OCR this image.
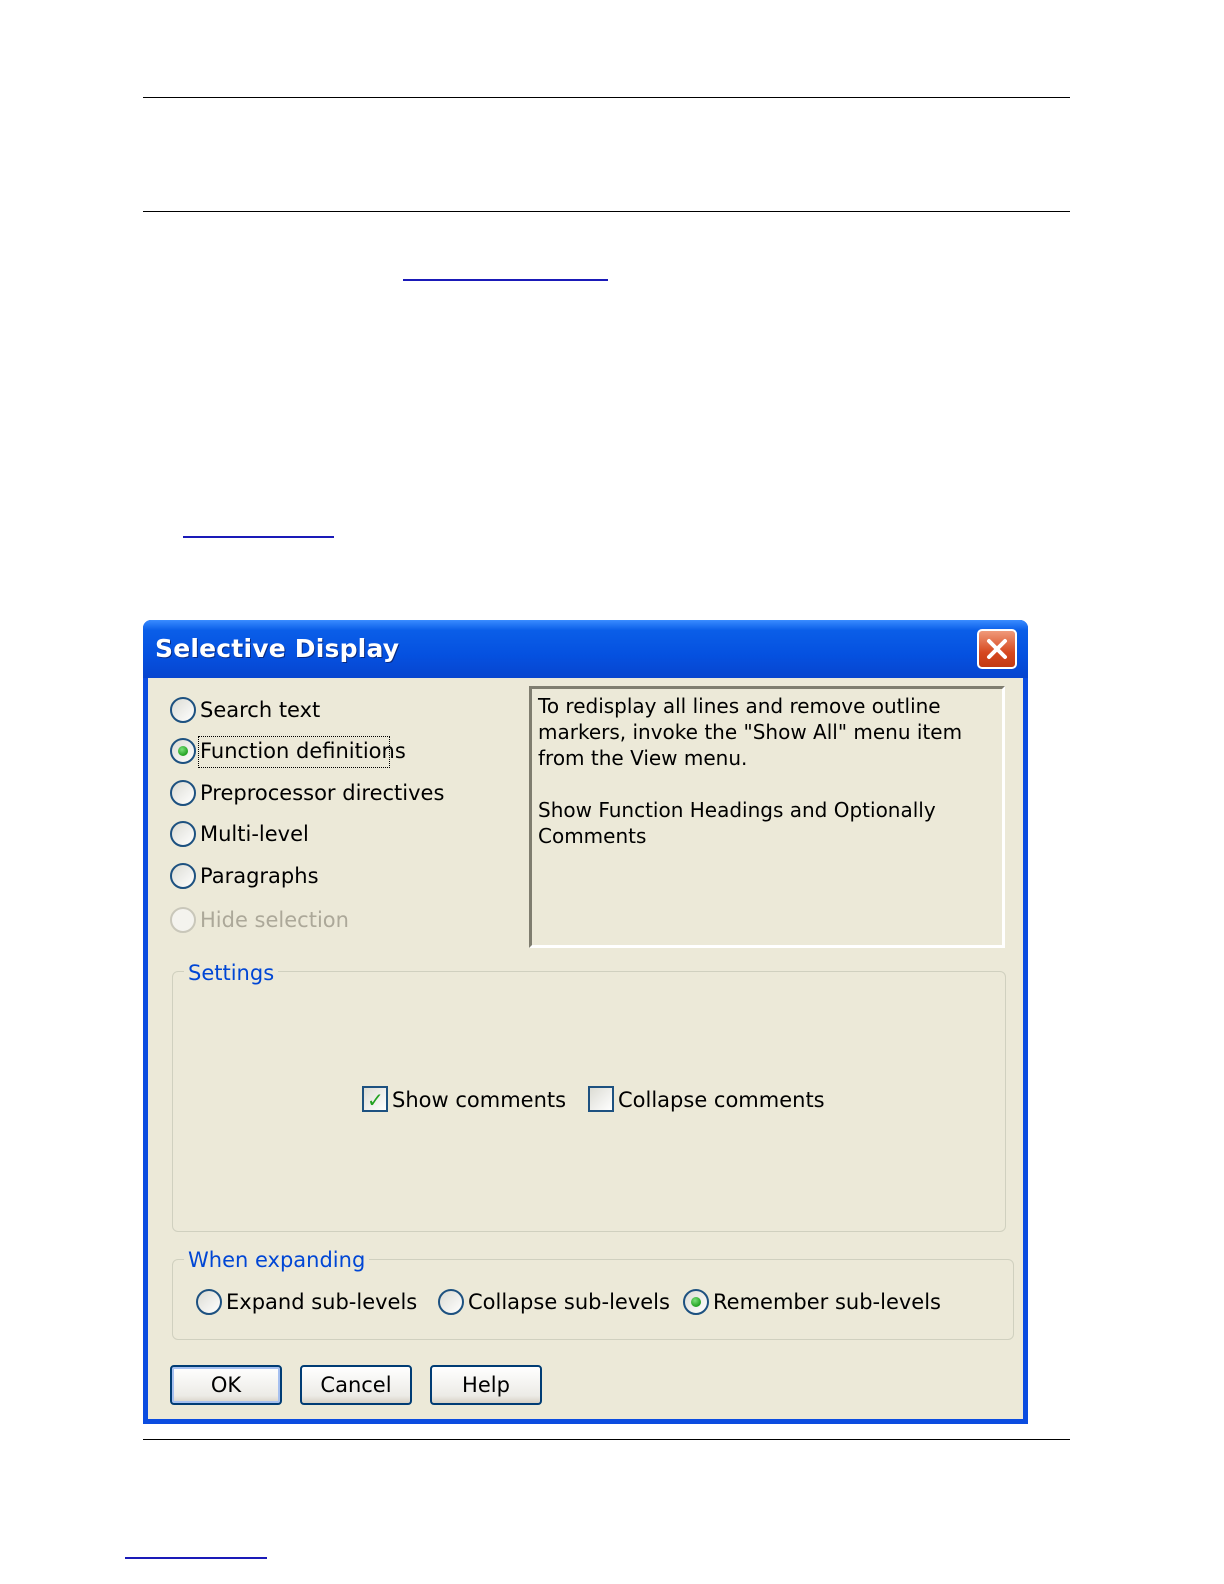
Selective Display
Search text
Function definitions
Preprocessor directives
Multi-level
Paragraphs
Hide selection
To redisplay all lines and remove outline markers, invoke the "Show All" menu item from the View menu.

Show Function Headings and Optionally Comments
Settings
✓ Show comments Collapse comments
When expanding
Expand sub-levels Collapse sub-levels Remember sub-levels
OK	Cancel	Help
